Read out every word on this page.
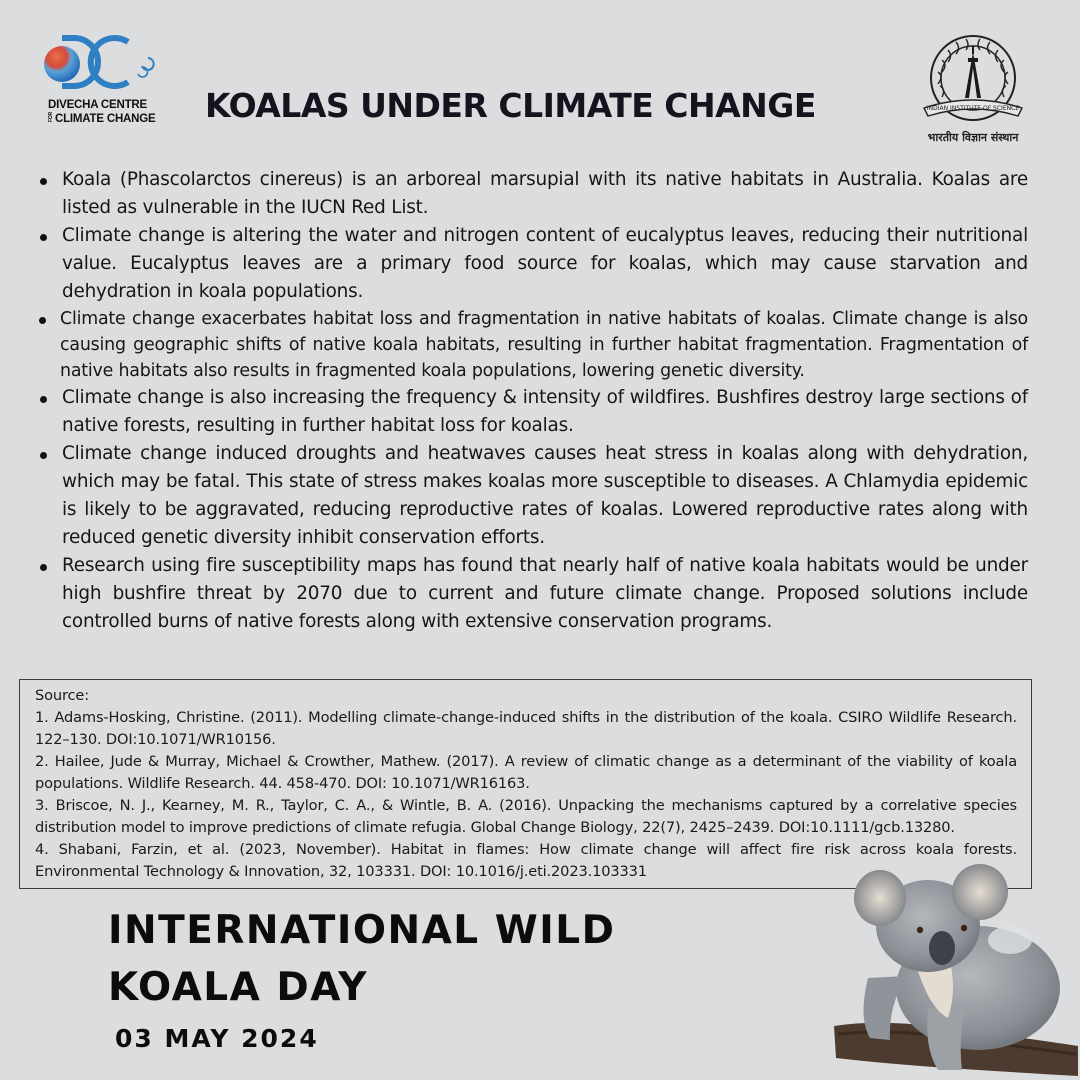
DIVECHA CENTRE
FORCLIMATE CHANGE KOALAS UNDER CLIMATE CHANGE	INDIAN INSTITUTE OF SCIENCE
भारतीय विज्ञान संस्थान
Koala (Phascolarctos cinereus) is an arboreal marsupial with its native habitats in Australia. Koalas are listed as vulnerable in the IUCN Red List.
Climate change is altering the water and nitrogen content of eucalyptus leaves, reducing their nutritional value. Eucalyptus leaves are a primary food source for koalas, which may cause starvation and dehydration in koala populations.
Climate change exacerbates habitat loss and fragmentation in native habitats of koalas. Climate change is also causing geographic shifts of native koala habitats, resulting in further habitat fragmentation. Fragmentation of native habitats also results in fragmented koala populations, lowering genetic diversity.
Climate change is also increasing the frequency & intensity of wildfires. Bushfires destroy large sections of native forests, resulting in further habitat loss for koalas.
Climate change induced droughts and heatwaves causes heat stress in koalas along with dehydration, which may be fatal. This state of stress makes koalas more susceptible to diseases. A Chlamydia epidemic is likely to be aggravated, reducing reproductive rates of koalas. Lowered reproductive rates along with reduced genetic diversity inhibit conservation efforts.
Research using fire susceptibility maps has found that nearly half of native koala habitats would be under high bushfire threat by 2070 due to current and future climate change. Proposed solutions include controlled burns of native forests along with extensive conservation programs.
Source:
1. Adams-Hosking, Christine. (2011). Modelling climate-change-induced shifts in the distribution of the koala. CSIRO Wildlife Research. 122–130. DOI:10.1071/WR10156.
2. Hailee, Jude & Murray, Michael & Crowther, Mathew. (2017). A review of climatic change as a determinant of the viability of koala populations. Wildlife Research. 44. 458-470. DOI: 10.1071/WR16163.
3. Briscoe, N. J., Kearney, M. R., Taylor, C. A., & Wintle, B. A. (2016). Unpacking the mechanisms captured by a correlative species distribution model to improve predictions of climate refugia. Global Change Biology, 22(7), 2425–2439. DOI:10.1111/gcb.13280.
4. Shabani, Farzin, et al. (2023, November). Habitat in flames: How climate change will affect fire risk across koala forests. Environmental Technology & Innovation, 32, 103331. DOI: 10.1016/j.eti.2023.103331
INTERNATIONAL WILD
KOALA DAY
03 MAY 2024
